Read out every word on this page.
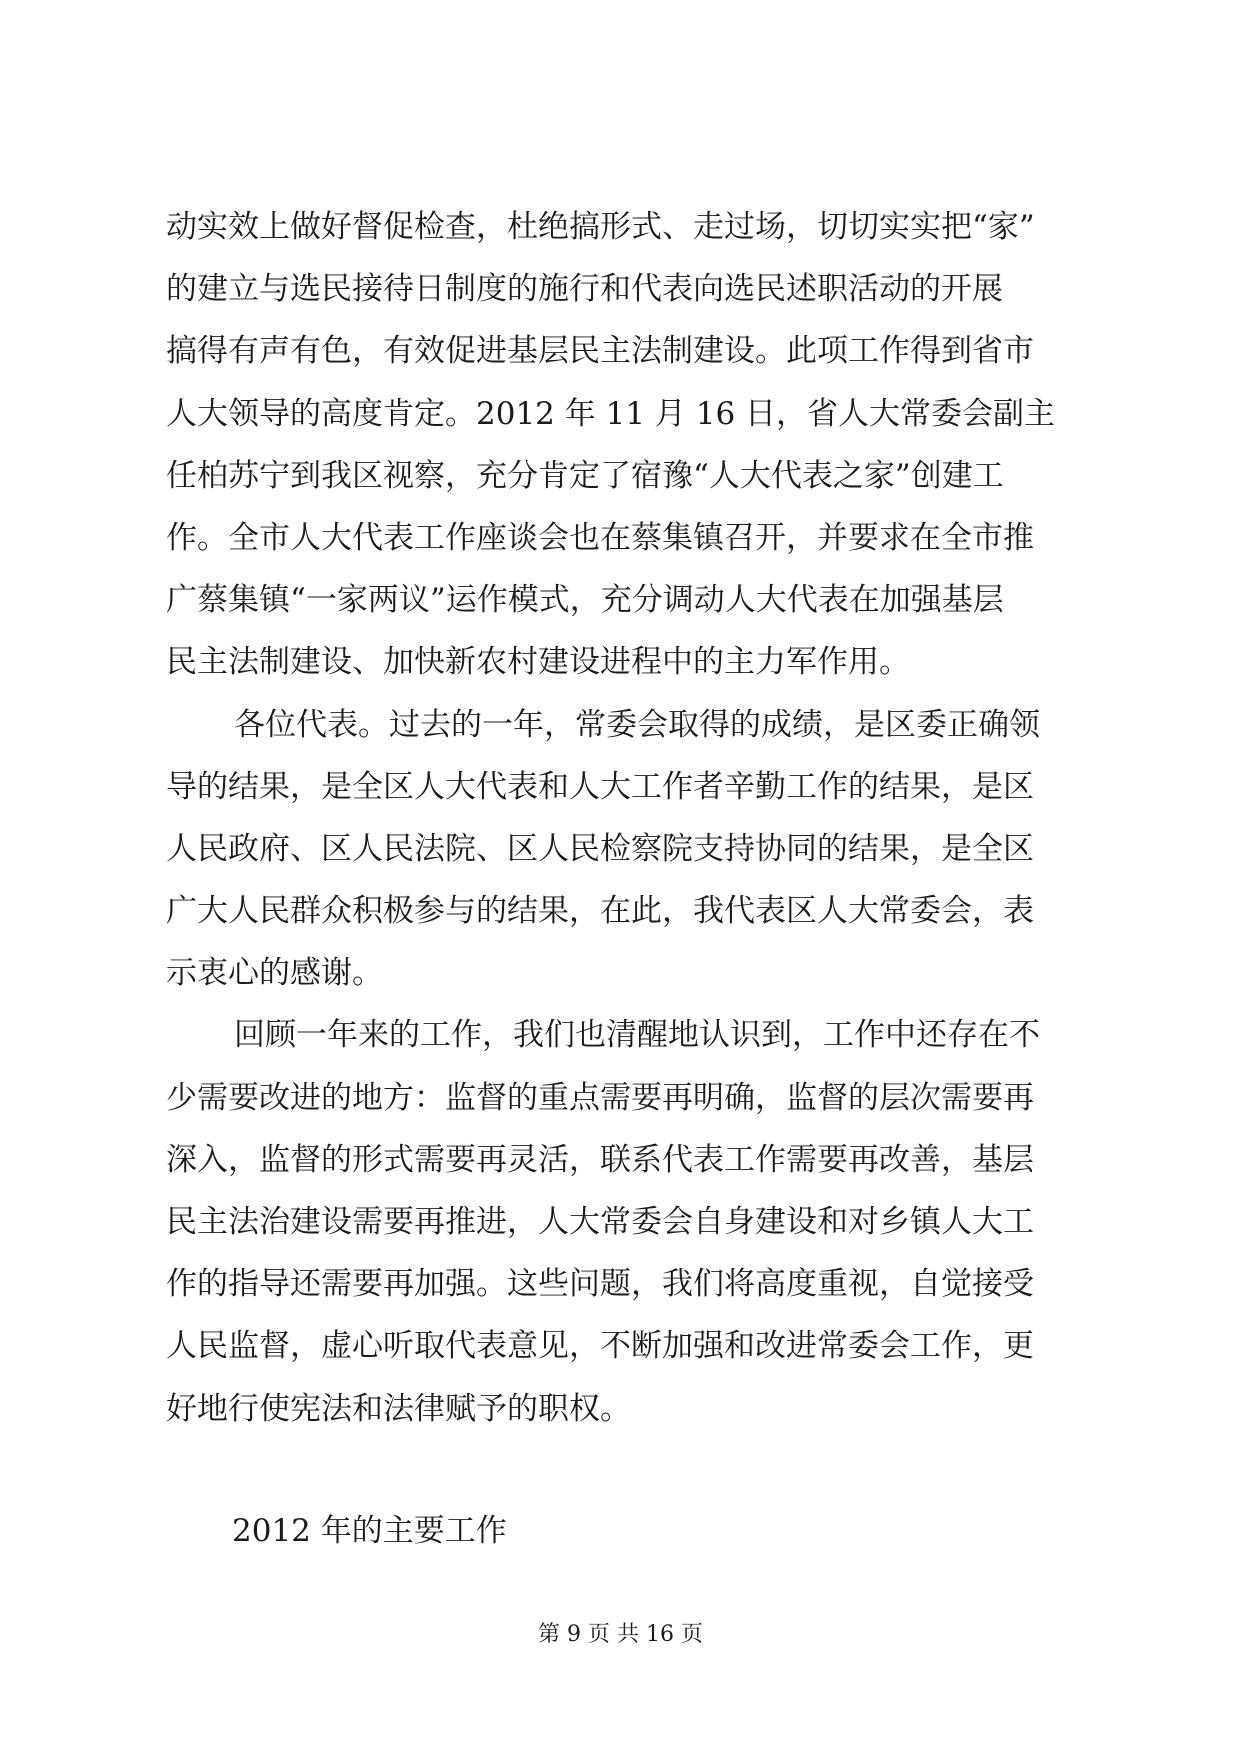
动实效上做好督促检查，杜绝搞形式、走过场，切切实实把“家”
的建立与选民接待日制度的施行和代表向选民述职活动的开展
搞得有声有色，有效促进基层民主法制建设。此项工作得到省市
人大领导的高度肯定。2012 年 11 月 16 日，省人大常委会副主
任柏苏宁到我区视察，充分肯定了宿豫“人大代表之家”创建工
作。全市人大代表工作座谈会也在蔡集镇召开，并要求在全市推
广蔡集镇“一家两议”运作模式，充分调动人大代表在加强基层
民主法制建设、加快新农村建设进程中的主力军作用。
各位代表。过去的一年，常委会取得的成绩，是区委正确领
导的结果，是全区人大代表和人大工作者辛勤工作的结果，是区
人民政府、区人民法院、区人民检察院支持协同的结果，是全区
广大人民群众积极参与的结果，在此，我代表区人大常委会，表
示衷心的感谢。
回顾一年来的工作，我们也清醒地认识到，工作中还存在不
少需要改进的地方：监督的重点需要再明确，监督的层次需要再
深入，监督的形式需要再灵活，联系代表工作需要再改善，基层
民主法治建设需要再推进，人大常委会自身建设和对乡镇人大工
作的指导还需要再加强。这些问题，我们将高度重视，自觉接受
人民监督，虚心听取代表意见，不断加强和改进常委会工作，更
好地行使宪法和法律赋予的职权。
2012 年的主要工作
第 9 页 共 16 页
